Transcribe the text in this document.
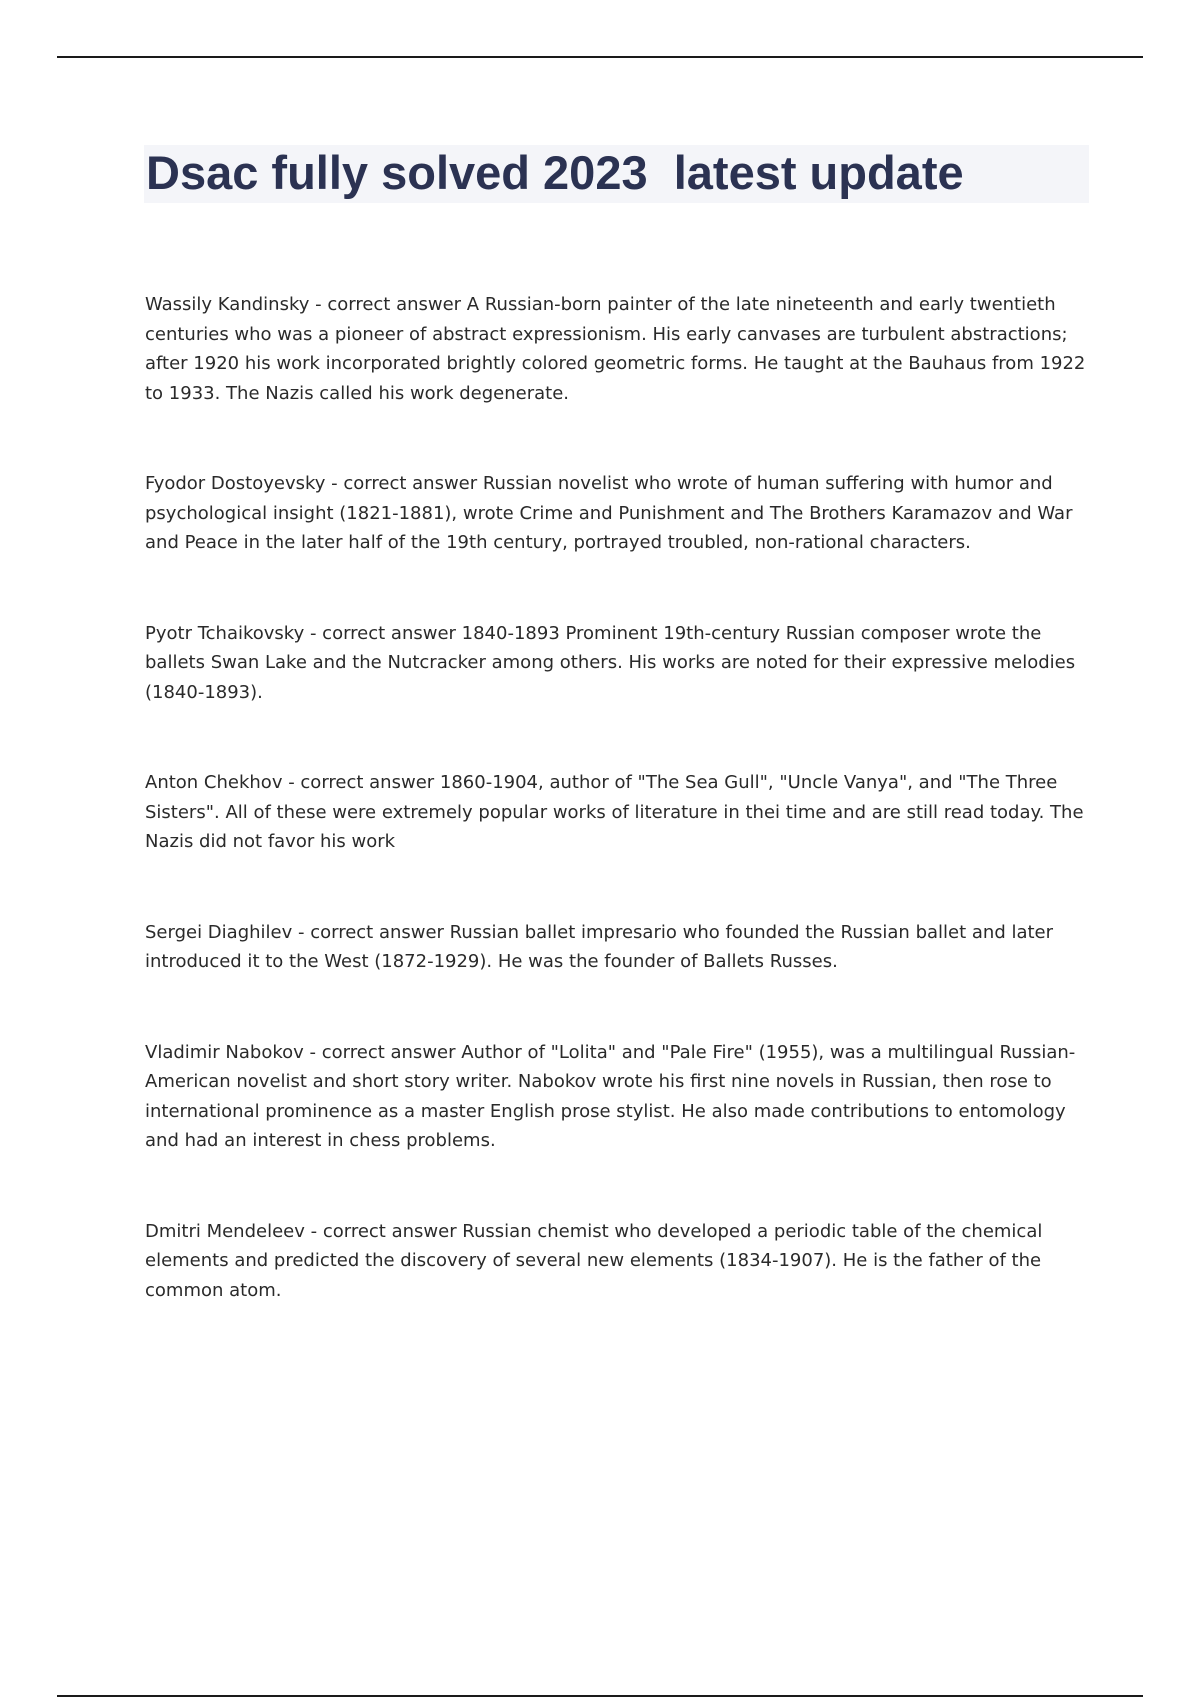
Dsac fully solved 2023  latest update

Wassily Kandinsky - correct answer A Russian-born painter of the late nineteenth and early twentieth centuries who was a pioneer of abstract expressionism. His early canvases are turbulent abstractions; after 1920 his work incorporated brightly colored geometric forms. He taught at the Bauhaus from 1922 to 1933. The Nazis called his work degenerate.

Fyodor Dostoyevsky - correct answer Russian novelist who wrote of human suffering with humor and psychological insight (1821-1881), wrote Crime and Punishment and The Brothers Karamazov and War and Peace in the later half of the 19th century, portrayed troubled, non-rational characters.

Pyotr Tchaikovsky - correct answer 1840-1893 Prominent 19th-century Russian composer wrote the ballets Swan Lake and the Nutcracker among others. His works are noted for their expressive melodies (1840-1893).

Anton Chekhov - correct answer 1860-1904, author of "The Sea Gull", "Uncle Vanya", and "The Three Sisters". All of these were extremely popular works of literature in thei time and are still read today. The Nazis did not favor his work

Sergei Diaghilev - correct answer Russian ballet impresario who founded the Russian ballet and later introduced it to the West (1872-1929). He was the founder of Ballets Russes.

Vladimir Nabokov - correct answer Author of "Lolita" and "Pale Fire" (1955), was a multilingual Russian-American novelist and short story writer. Nabokov wrote his first nine novels in Russian, then rose to international prominence as a master English prose stylist. He also made contributions to entomology and had an interest in chess problems.

Dmitri Mendeleev - correct answer Russian chemist who developed a periodic table of the chemical elements and predicted the discovery of several new elements (1834-1907). He is the father of the common atom.
